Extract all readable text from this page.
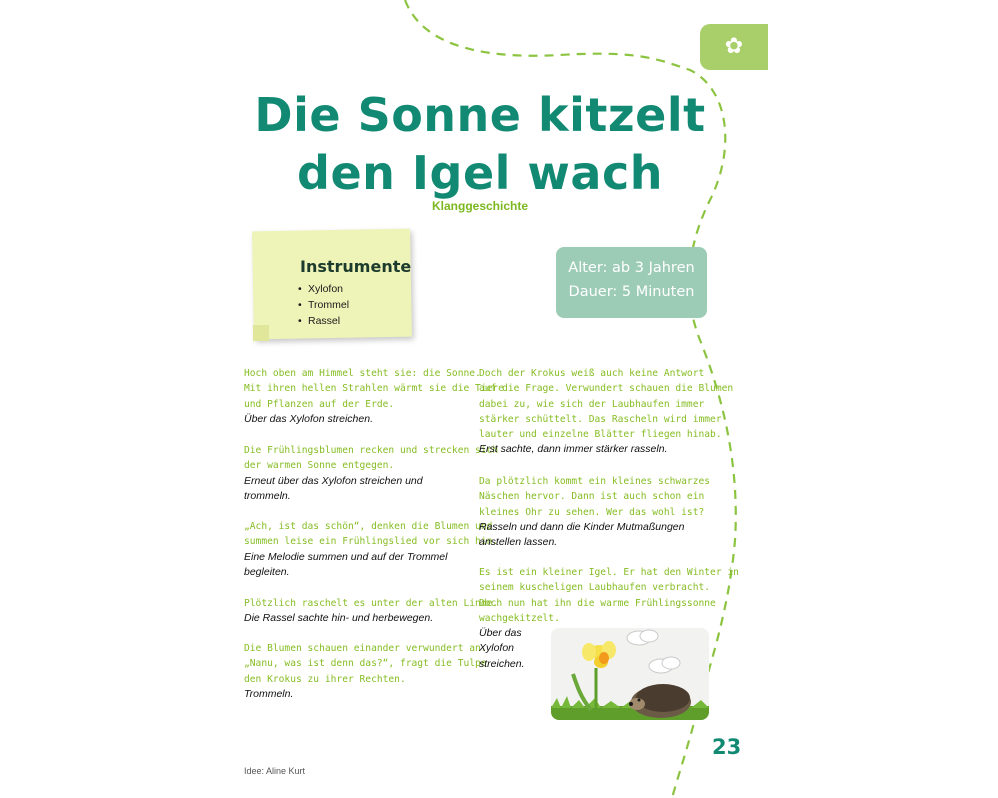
✿
Die Sonne kitzelt
den Igel wach
Klanggeschichte
Instrumente
• Xylofon
• Trommel
• Rassel
Alter: ab 3 Jahren
Dauer: 5 Minuten

Hoch oben am Himmel steht sie: die Sonne.
Mit ihren hellen Strahlen wärmt sie die Tiere
und Pflanzen auf der Erde.
Über das Xylofon streichen.

Die Frühlingsblumen recken und strecken sich
der warmen Sonne entgegen.
Erneut über das Xylofon streichen und
trommeln.

„Ach, ist das schön“, denken die Blumen und
summen leise ein Frühlingslied vor sich hin.
Eine Melodie summen und auf der Trommel
begleiten.

Plötzlich raschelt es unter der alten Linde.
Die Rassel sachte hin- und herbewegen.

Die Blumen schauen einander verwundert an.
„Nanu, was ist denn das?“, fragt die Tulpe
den Krokus zu ihrer Rechten.
Trommeln.

Doch der Krokus weiß auch keine Antwort
auf die Frage. Verwundert schauen die Blumen
dabei zu, wie sich der Laubhaufen immer
stärker schüttelt. Das Rascheln wird immer
lauter und einzelne Blätter fliegen hinab.
Erst sachte, dann immer stärker rasseln.

Da plötzlich kommt ein kleines schwarzes
Näschen hervor. Dann ist auch schon ein
kleines Ohr zu sehen. Wer das wohl ist?
Rasseln und dann die Kinder Mutmaßungen
anstellen lassen.

Es ist ein kleiner Igel. Er hat den Winter in
seinem kuscheligen Laubhaufen verbracht.
Doch nun hat ihn die warme Frühlingssonne
wachgekitzelt.
Über das
Xylofon
streichen.

23
Idee: Aline Kurt
